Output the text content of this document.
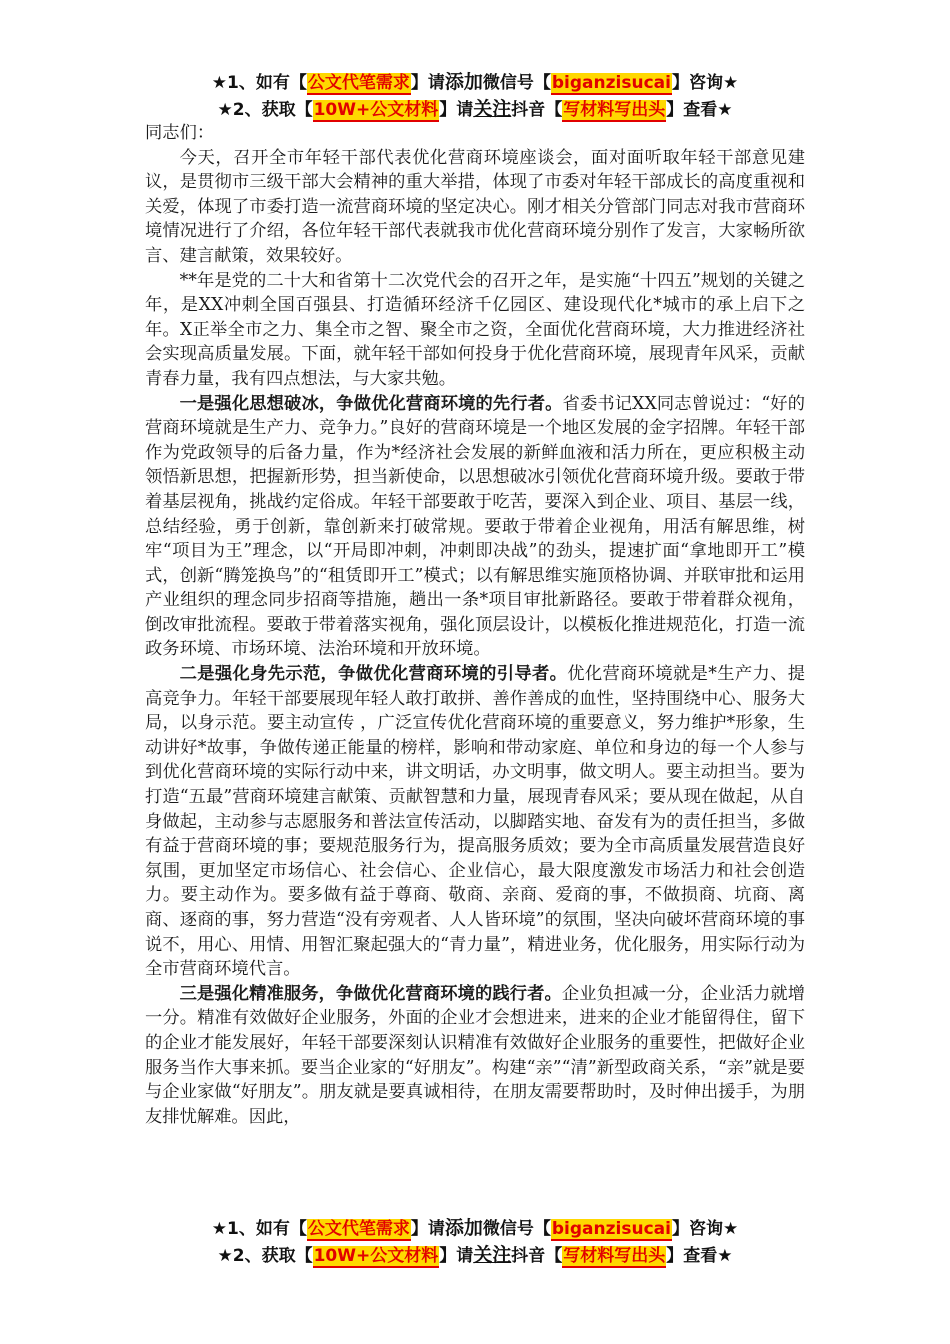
★1、如有【公文代笔需求】请添加微信号【biganzisucai】咨询★
★2、获取【10W+公文材料】请关注抖音【写材料写出头】查看★

同志们：

今天，召开全市年轻干部代表优化营商环境座谈会，面对面听取年轻干部意见建议，是贯彻市三级干部大会精神的重大举措，体现了市委对年轻干部成长的高度重视和关爱，体现了市委打造一流营商环境的坚定决心。刚才相关分管部门同志对我市营商环境情况进行了介绍，各位年轻干部代表就我市优化营商环境分别作了发言，大家畅所欲言、建言献策，效果较好。

**年是党的二十大和省第十二次党代会的召开之年，是实施“十四五”规划的关键之年，是XX冲刺全国百强县、打造循环经济千亿园区、建设现代化*城市的承上启下之年。X正举全市之力、集全市之智、聚全市之资，全面优化营商环境，大力推进经济社会实现高质量发展。下面，就年轻干部如何投身于优化营商环境，展现青年风采，贡献青春力量，我有四点想法，与大家共勉。

一是强化思想破冰，争做优化营商环境的先行者。省委书记XX同志曾说过：“好的营商环境就是生产力、竞争力。”良好的营商环境是一个地区发展的金字招牌。年轻干部作为党政领导的后备力量，作为*经济社会发展的新鲜血液和活力所在，更应积极主动领悟新思想，把握新形势，担当新使命，以思想破冰引领优化营商环境升级。要敢于带着基层视角，挑战约定俗成。年轻干部要敢于吃苦，要深入到企业、项目、基层一线，总结经验，勇于创新，靠创新来打破常规。要敢于带着企业视角，用活有解思维，树牢“项目为王”理念，以“开局即冲刺，冲刺即决战”的劲头，提速扩面“拿地即开工”模式，创新“腾笼换鸟”的“租赁即开工”模式；以有解思维实施顶格协调、并联审批和运用产业组织的理念同步招商等措施，趟出一条*项目审批新路径。要敢于带着群众视角，倒改审批流程。要敢于带着落实视角，强化顶层设计，以模板化推进规范化，打造一流政务环境、市场环境、法治环境和开放环境。

二是强化身先示范，争做优化营商环境的引导者。优化营商环境就是*生产力、提高竞争力。年轻干部要展现年轻人敢打敢拼、善作善成的血性，坚持围绕中心、服务大局，以身示范。要主动宣传 ，广泛宣传优化营商环境的重要意义，努力维护*形象，生动讲好*故事，争做传递正能量的榜样，影响和带动家庭、单位和身边的每一个人参与到优化营商环境的实际行动中来，讲文明话，办文明事，做文明人。要主动担当。要为打造“五最”营商环境建言献策、贡献智慧和力量，展现青春风采；要从现在做起，从自身做起，主动参与志愿服务和普法宣传活动，以脚踏实地、奋发有为的责任担当，多做有益于营商环境的事；要规范服务行为，提高服务质效；要为全市高质量发展营造良好氛围，更加坚定市场信心、社会信心、企业信心，最大限度激发市场活力和社会创造力。要主动作为。要多做有益于尊商、敬商、亲商、爱商的事，不做损商、坑商、离商、逐商的事，努力营造“没有旁观者、人人皆环境”的氛围，坚决向破坏营商环境的事说不，用心、用情、用智汇聚起强大的“青力量”，精进业务，优化服务，用实际行动为全市营商环境代言。

三是强化精准服务，争做优化营商环境的践行者。企业负担减一分，企业活力就增一分。精准有效做好企业服务，外面的企业才会想进来，进来的企业才能留得住，留下的企业才能发展好，年轻干部要深刻认识精准有效做好企业服务的重要性，把做好企业服务当作大事来抓。要当企业家的“好朋友”。构建“亲”“清”新型政商关系，“亲”就是要与企业家做“好朋友”。朋友就是要真诚相待，在朋友需要帮助时，及时伸出援手，为朋友排忧解难。因此，

★1、如有【公文代笔需求】请添加微信号【biganzisucai】咨询★
★2、获取【10W+公文材料】请关注抖音【写材料写出头】查看★
